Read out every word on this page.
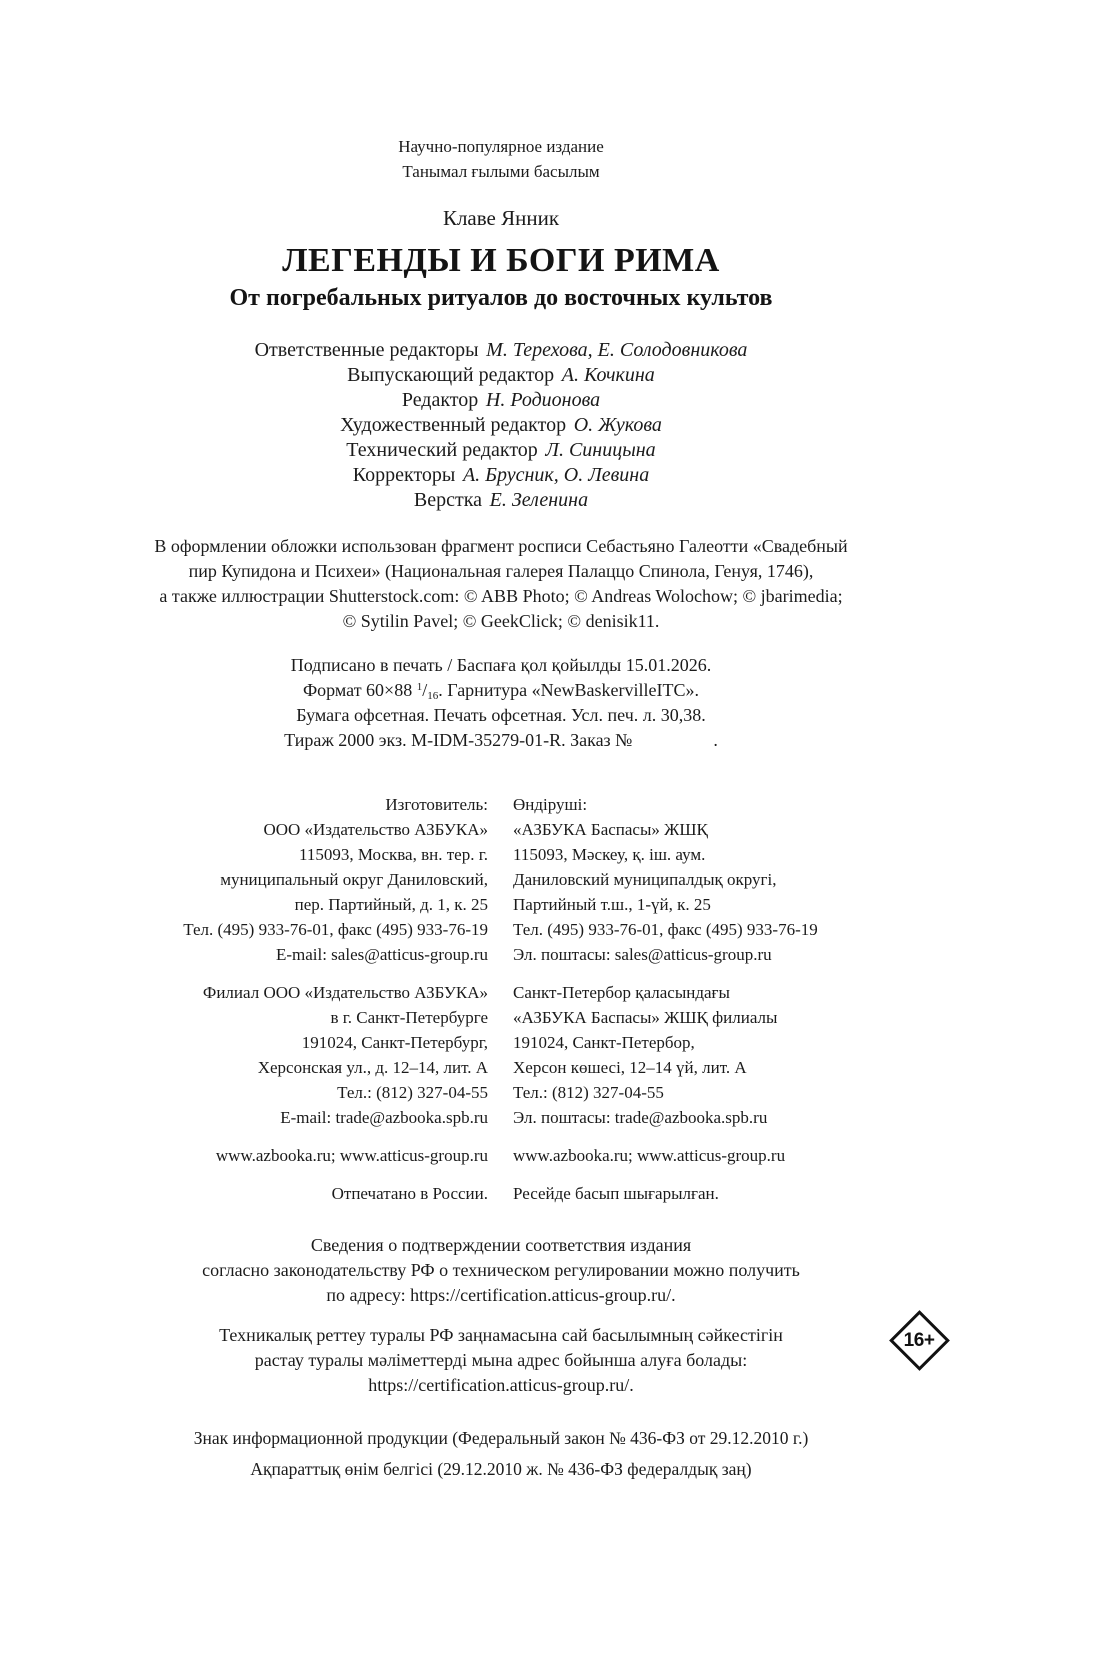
Научно-популярное издание
Танымал ғылыми басылым
Клаве Янник
ЛЕГЕНДЫ И БОГИ РИМА
От погребальных ритуалов до восточных культов
Ответственные редакторы М. Терехова, Е. Солодовникова
Выпускающий редактор А. Кочкина
Редактор Н. Родионова
Художественный редактор О. Жукова
Технический редактор Л. Синицына
Корректоры А. Брусник, О. Левина
Верстка Е. Зеленина
В оформлении обложки использован фрагмент росписи Себастьяно Галеотти «Свадебный
пир Купидона и Психеи» (Национальная галерея Палаццо Спинола, Генуя, 1746),
а также иллюстрации Shutterstock.com: © ABB Photo; © Andreas Wolochow; © jbarimedia;
© Sytilin Pavel; © GeekClick; © denisik11.
Подписано в печать / Баспаға қол қойылды 15.01.2026.
Формат 60×88 $^1/_{16}$. Гарнитура «NewBaskervilleITC».
Бумага офсетная. Печать офсетная. Усл. печ. л. 30,38.
Тираж 2000 экз. M-IDM-35279-01-R. Заказ №                  .
Изготовитель:
ООО «Издательство АЗБУКА»
115093, Москва, вн. тер. г.
муниципальный округ Даниловский,
пер. Партийный, д. 1, к. 25
Тел. (495) 933-76-01, факс (495) 933-76-19
E-mail: sales@atticus-group.ru
Филиал ООО «Издательство АЗБУКА»
в г. Санкт-Петербурге
191024, Санкт-Петербург,
Херсонская ул., д. 12–14, лит. А
Тел.: (812) 327-04-55
E-mail: trade@azbooka.spb.ru
www.azbooka.ru; www.atticus-group.ru
Отпечатано в России.
Өндіруші:
«АЗБУКА Баспасы» ЖШҚ
115093, Мәскеу, қ. іш. аум.
Даниловский муниципалдық округі,
Партийный т.ш., 1-үй, к. 25
Тел. (495) 933-76-01, факс (495) 933-76-19
Эл. поштасы: sales@atticus-group.ru
Санкт-Петербор қаласындағы
«АЗБУКА Баспасы» ЖШҚ филиалы
191024, Санкт-Петербор,
Херсон көшесі, 12–14 үй, лит. А
Тел.: (812) 327-04-55
Эл. поштасы: trade@azbooka.spb.ru
www.azbooka.ru; www.atticus-group.ru
Ресейде басып шығарылған.
Сведения о подтверждении соответствия издания
согласно законодательству РФ о техническом регулировании можно получить
по адресу: https://certification.atticus-group.ru/.
Техникалық реттеу туралы РФ заңнамасына сай басылымның сәйкестігін
растау туралы мәліметтерді мына адрес бойынша алуға болады:
https://certification.atticus-group.ru/.
Знак информационной продукции (Федеральный закон № 436-ФЗ от 29.12.2010 г.)
Ақпараттық өнім белгісі (29.12.2010 ж. № 436-ФЗ федералдық заң)
16+
